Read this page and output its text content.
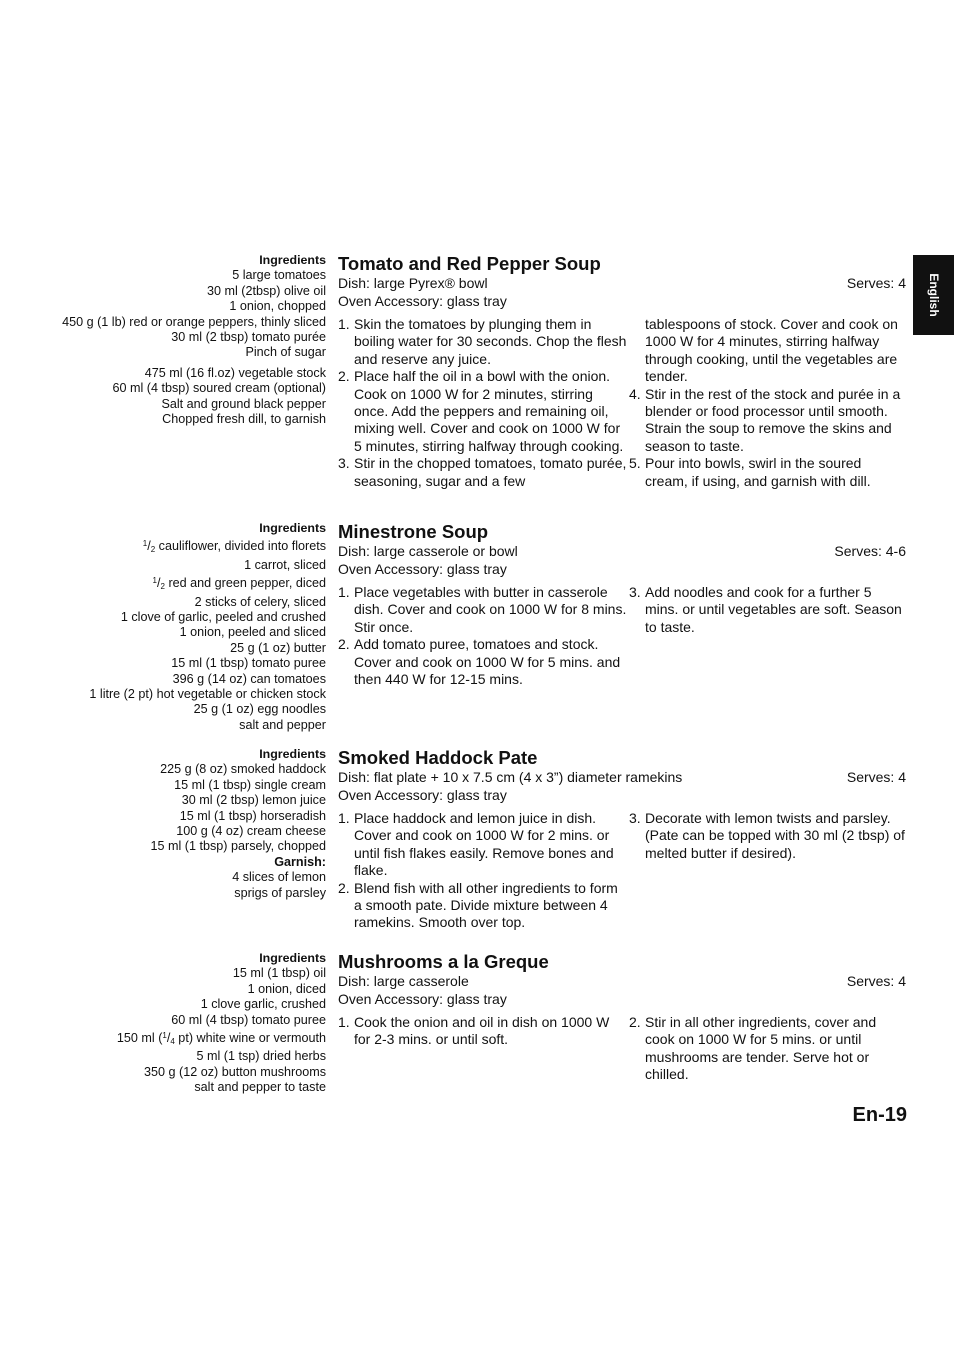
English
Ingredients
5 large tomatoes
30 ml (2tbsp) olive oil
1 onion, chopped
450 g (1 lb) red or orange peppers, thinly sliced
30 ml (2 tbsp) tomato purée
Pinch of sugar
475 ml (16 fl.oz) vegetable stock
60 ml (4 tbsp) soured cream (optional)
Salt and ground black pepper
Chopped fresh dill, to garnish
Tomato and Red Pepper Soup
Dish: large Pyrex® bowl	Serves: 4
Oven Accessory: glass tray
1. Skin the tomatoes by plunging them in boiling water for 30 seconds. Chop the flesh and reserve any juice.
2. Place half the oil in a bowl with the onion. Cook on 1000 W for 2 minutes, stirring once. Add the peppers and remaining oil, mixing well. Cover and cook on 1000 W for 5 minutes, stirring halfway through cooking.
3. Stir in the chopped tomatoes, tomato purée, seasoning, sugar and a few
tablespoons of stock. Cover and cook on 1000 W for 4 minutes, stirring halfway through cooking, until the vegetables are tender.
4. Stir in the rest of the stock and purée in a blender or food processor until smooth. Strain the soup to remove the skins and season to taste.
5. Pour into bowls, swirl in the soured cream, if using, and garnish with dill.
Ingredients
$^1/_2$ cauliflower, divided into florets
1 carrot, sliced
$^1/_2$ red and green pepper, diced
2 sticks of celery, sliced
1 clove of garlic, peeled and crushed
1 onion, peeled and sliced
25 g (1 oz) butter
15 ml (1 tbsp) tomato puree
396 g (14 oz) can tomatoes
1 litre (2 pt) hot vegetable or chicken stock
25 g (1 oz) egg noodles
salt and pepper
Minestrone Soup
Dish: large casserole or bowl	Serves: 4-6
Oven Accessory: glass tray
1. Place vegetables with butter in casserole dish. Cover and cook on 1000 W for 8 mins. Stir once.
2. Add tomato puree, tomatoes and stock. Cover and cook on 1000 W for 5 mins. and then 440 W for 12-15 mins.
3. Add noodles and cook for a further 5 mins. or until vegetables are soft. Season to taste.
Ingredients
225 g (8 oz) smoked haddock
15 ml (1 tbsp) single cream
30 ml (2 tbsp) lemon juice
15 ml (1 tbsp) horseradish
100 g (4 oz) cream cheese
15 ml (1 tbsp) parsely, chopped
Garnish:
4 slices of lemon
sprigs of parsley
Smoked Haddock Pate
Dish: flat plate + 10 x 7.5 cm (4 x 3”) diameter ramekins	Serves: 4
Oven Accessory: glass tray
1. Place haddock and lemon juice in dish. Cover and cook on 1000 W for 2 mins. or until fish flakes easily. Remove bones and flake.
2. Blend fish with all other ingredients to form a smooth pate. Divide mixture between 4 ramekins. Smooth over top.
3. Decorate with lemon twists and parsley. (Pate can be topped with 30 ml (2 tbsp) of melted butter if desired).
Ingredients
15 ml (1 tbsp) oil
1 onion, diced
1 clove garlic, crushed
60 ml (4 tbsp) tomato puree
150 ml ($^1/_4$ pt) white wine or vermouth
5 ml (1 tsp) dried herbs
350 g (12 oz) button mushrooms
salt and pepper to taste
Mushrooms a la Greque
Dish: large casserole	Serves: 4
Oven Accessory: glass tray
1. Cook the onion and oil in dish on 1000 W for 2-3 mins. or until soft.
2. Stir in all other ingredients, cover and cook on 1000 W for 5 mins. or until mushrooms are tender. Serve hot or chilled.
En-19
